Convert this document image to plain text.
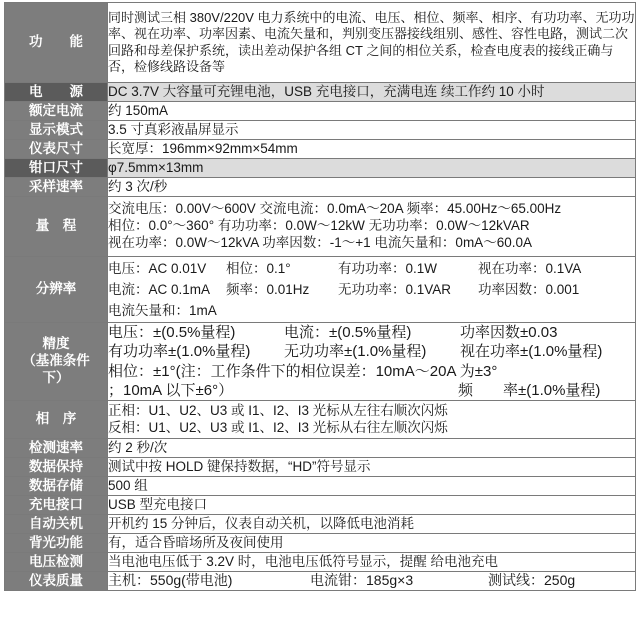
功　　能	同时测试三相 380V/220V 电力系统中的电流、电压、相位、频率、相序、有功功率、无功功率、视在功率、功率因素、电流矢量和，判别变压器接线组别、感性、容性电路，测试二次回路和母差保护系统，读出差动保护各组 CT 之间的相位关系，检查电度表的接线正确与否，检修线路设备等
电　　源	DC 3.7V 大容量可充锂电池，USB 充电接口，充满电连 续工作约 10 小时
额定电流	约 150mA
显示模式	3.5 寸真彩液晶屏显示
仪表尺寸	长宽厚：196mm×92mm×54mm
钳口尺寸	φ7.5mm×13mm
采样速率	约 3 次/秒
量　程	交流电压：0.00V～600V 交流电流：0.0mA～20A 频率：45.00Hz～65.00Hz
相位：0.0°～360° 有功功率：0.0W～12kW 无功功率：0.0W～12kVAR
视在功率：0.0W～12kVA 功率因数：-1～+1 电流矢量和：0mA～60.0A

分辨率	电压：AC 0.01V 相位：0.1° 有功功率：0.1W 视在功率：0.1VA
电流：AC 0.1mA 频率：0.01Hz 无功功率：0.1VAR 功率因数：0.001
电流矢量和：1mA

精度
（基准条件
下）	电压：±(0.5%量程) 电流：±(0.5%量程) 功率因数±0.03
有功功率±(1.0%量程) 无功功率±(1.0%量程) 视在功率±(1.0%量程)
相位：±1°(注：工作条件下的相位误差：10mA～20A 为±3°
；10mA 以下±6°） 频　　率±(1.0%量程)

相　序	正相：U1、U2、U3 或 I1、I2、I3 光标从左往右顺次闪烁
反相：U1、U2、U3 或 I1、I2、I3 光标从右往左顺次闪烁

检测速率	约 2 秒/次
数据保持	测试中按 HOLD 键保持数据，“HD”符号显示
数据存储	500 组
充电接口	USB 型充电接口
自动关机	开机约 15 分钟后，仪表自动关机，以降低电池消耗
背光功能	有，适合昏暗场所及夜间使用
电压检测	当电池电压低于 3.2V 时，电池电压低符号显示，提醒 给电池充电
仪表质量	主机：550g(带电池) 电流钳：185g×3 测试线：250g
